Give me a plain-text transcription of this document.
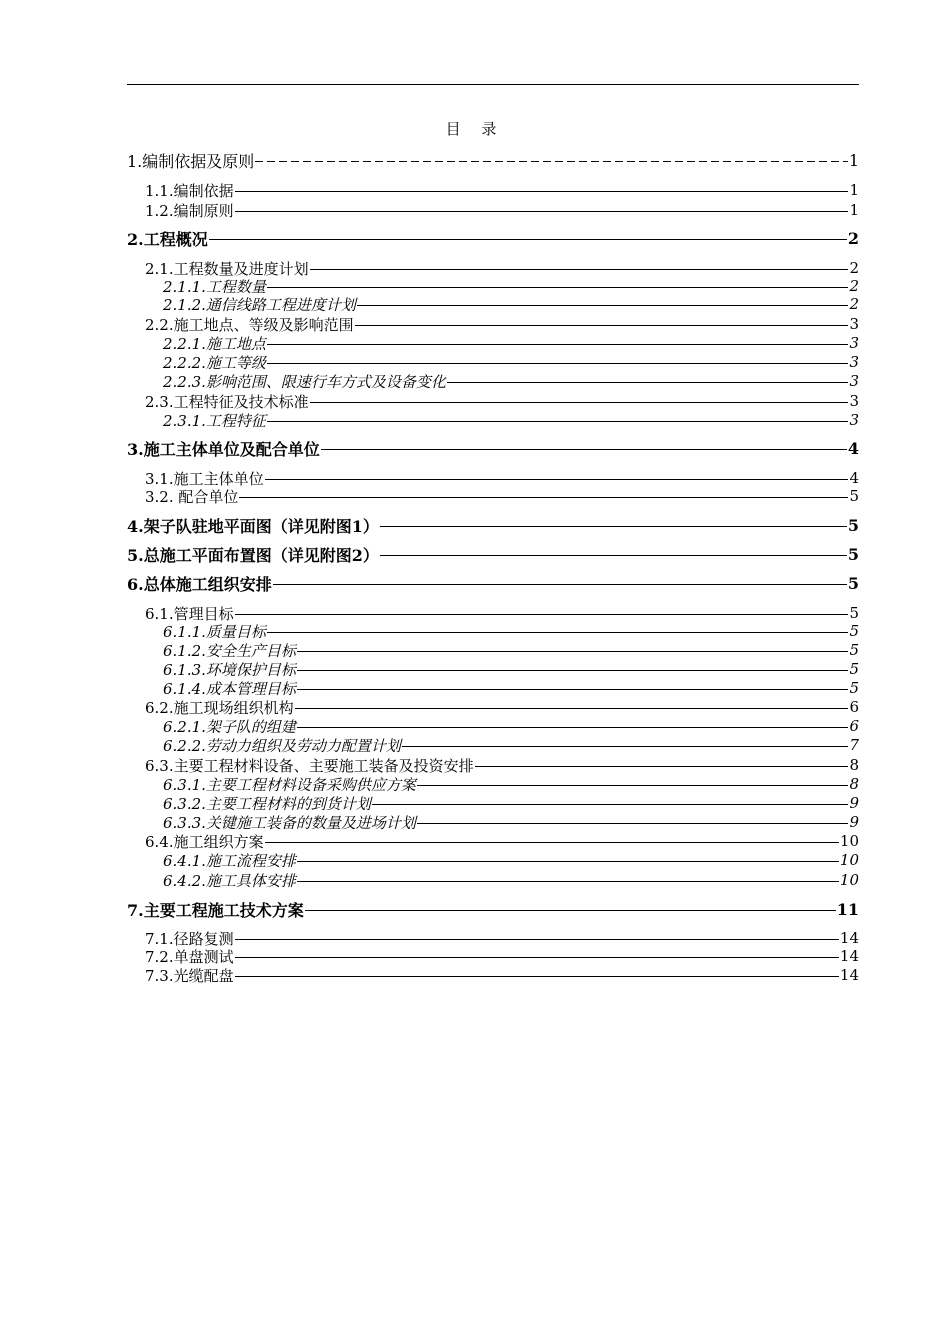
目 录
1.编制依据及原则	1
1.1.编制依据	1
1.2.编制原则	1
2.工程概况	2
2.1.工程数量及进度计划	2
2.1.1.工程数量	2
2.1.2.通信线路工程进度计划	2
2.2.施工地点、等级及影响范围	3
2.2.1.施工地点	3
2.2.2.施工等级	3
2.2.3.影响范围、限速行车方式及设备变化	3
2.3.工程特征及技术标准	3
2.3.1.工程特征	3
3.施工主体单位及配合单位	4
3.1.施工主体单位	4
3.2. 配合单位	5
4.架子队驻地平面图（详见附图1）	5
5.总施工平面布置图（详见附图2）	5
6.总体施工组织安排	5
6.1.管理目标	5
6.1.1.质量目标	5
6.1.2.安全生产目标	5
6.1.3.环境保护目标	5
6.1.4.成本管理目标	5
6.2.施工现场组织机构	6
6.2.1.架子队的组建	6
6.2.2.劳动力组织及劳动力配置计划	7
6.3.主要工程材料设备、主要施工装备及投资安排	8
6.3.1.主要工程材料设备采购供应方案	8
6.3.2.主要工程材料的到货计划	9
6.3.3.关键施工装备的数量及进场计划	9
6.4.施工组织方案	10
6.4.1.施工流程安排	10
6.4.2.施工具体安排	10
7.主要工程施工技术方案	11
7.1.径路复测	14
7.2.单盘测试	14
7.3.光缆配盘	14
